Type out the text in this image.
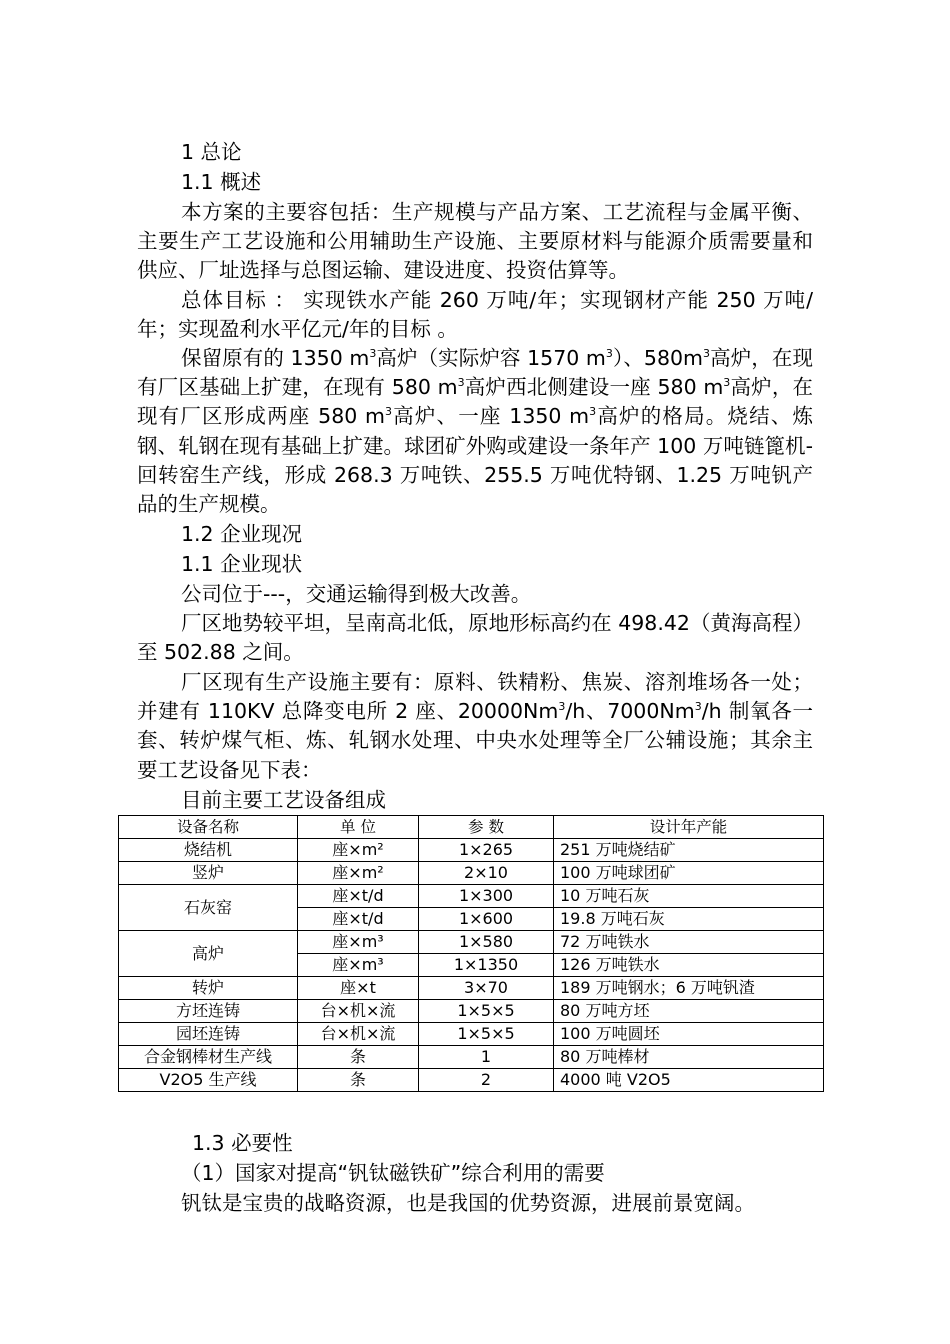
1 总论
1.1 概述
本方案的主要容包括：生产规模与产品方案、工艺流程与金属平衡、主要生产工艺设施和公用辅助生产设施、主要原材料与能源介质需要量和供应、厂址选择与总图运输、建设进度、投资估算等。
总体目标 ： 实现铁水产能 260 万吨/年；实现钢材产能 250 万吨/年；实现盈利水平亿元/年的目标 。
保留原有的 1350 $m^3$高炉（实际炉容 1570 $m^3$）、$580m^3$高炉，在现有厂区基础上扩建，在现有 580 $m^3$高炉西北侧建设一座 580 $m^3$高炉，在现有厂区形成两座 580 $m^3$高炉、一座 1350 $m^3$高炉的格局。烧结、炼钢、轧钢在现有基础上扩建。球团矿外购或建设一条年产 100 万吨链篦机-回转窑生产线，形成 268.3 万吨铁、255.5 万吨优特钢、1.25 万吨钒产品的生产规模。
1.2 企业现况
1.1 企业现状
公司位于---，交通运输得到极大改善。
厂区地势较平坦，呈南高北低，原地形标高约在 498.42（黄海高程）至 502.88 之间。
厂区现有生产设施主要有：原料、铁精粉、焦炭、溶剂堆场各一处；并建有 110KV 总降变电所 2 座、20000Nm$^3$/h、7000Nm$^3$/h 制氧各一套、转炉煤气柜、炼、轧钢水处理、中央水处理等全厂公辅设施；其余主要工艺设备见下表：
目前主要工艺设备组成
设备名称	单 位	参 数	设计年产能
烧结机	座×m²	1×265	251 万吨烧结矿
竖炉	座×m²	2×10	100 万吨球团矿
石灰窑	座×t/d	1×300	10 万吨石灰
	座×t/d	1×600	19.8 万吨石灰
高炉	座×m³	1×580	72 万吨铁水
	座×m³	1×1350	126 万吨铁水
转炉	座×t	3×70	189 万吨钢水；6 万吨钒渣
方坯连铸	台×机×流	1×5×5	80 万吨方坯
园坯连铸	台×机×流	1×5×5	100 万吨圆坯
合金钢棒材生产线	条	1	80 万吨棒材
V2O5 生产线	条	2	4000 吨 V2O5
1.3 必要性
（1）国家对提高“钒钛磁铁矿”综合利用的需要
钒钛是宝贵的战略资源，也是我国的优势资源，进展前景宽阔。
